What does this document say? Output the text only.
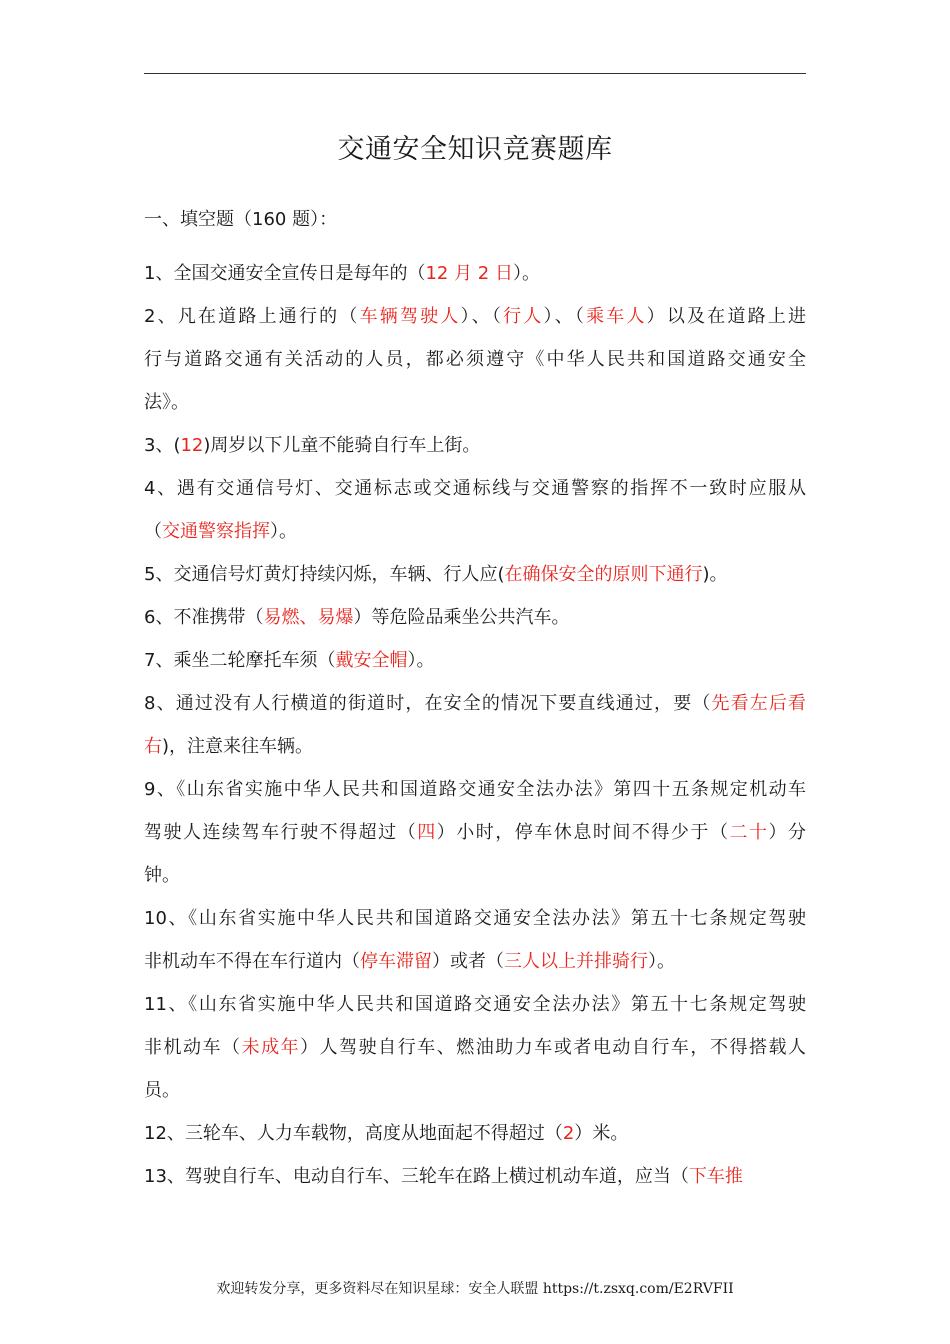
交通安全知识竞赛题库
一、填空题（160 题）：
1、全国交通安全宣传日是每年的（12 月 2 日）。
2、凡在道路上通行的（车辆驾驶人）、（行人）、（乘车人）以及在道路上进
行与道路交通有关活动的人员，都必须遵守《中华人民共和国道路交通安全
法》。
3、(12)周岁以下儿童不能骑自行车上街。
4、遇有交通信号灯、交通标志或交通标线与交通警察的指挥不一致时应服从
（交通警察指挥）。
5、交通信号灯黄灯持续闪烁，车辆、行人应(在确保安全的原则下通行)。
6、不准携带（易燃、易爆）等危险品乘坐公共汽车。
7、乘坐二轮摩托车须（戴安全帽）。
8、通过没有人行横道的街道时，在安全的情况下要直线通过，要（先看左后看
右)，注意来往车辆。
9、《山东省实施中华人民共和国道路交通安全法办法》第四十五条规定机动车
驾驶人连续驾车行驶不得超过（四）小时，停车休息时间不得少于（二十）分
钟。
10、《山东省实施中华人民共和国道路交通安全法办法》第五十七条规定驾驶
非机动车不得在车行道内（停车滞留）或者（三人以上并排骑行）。
11、《山东省实施中华人民共和国道路交通安全法办法》第五十七条规定驾驶
非机动车（未成年）人驾驶自行车、燃油助力车或者电动自行车，不得搭载人
员。
12、三轮车、人力车载物，高度从地面起不得超过（2）米。
13、驾驶自行车、电动自行车、三轮车在路上横过机动车道，应当（下车推
欢迎转发分享，更多资料尽在知识星球：安全人联盟 https://t.zsxq.com/E2RVFII
